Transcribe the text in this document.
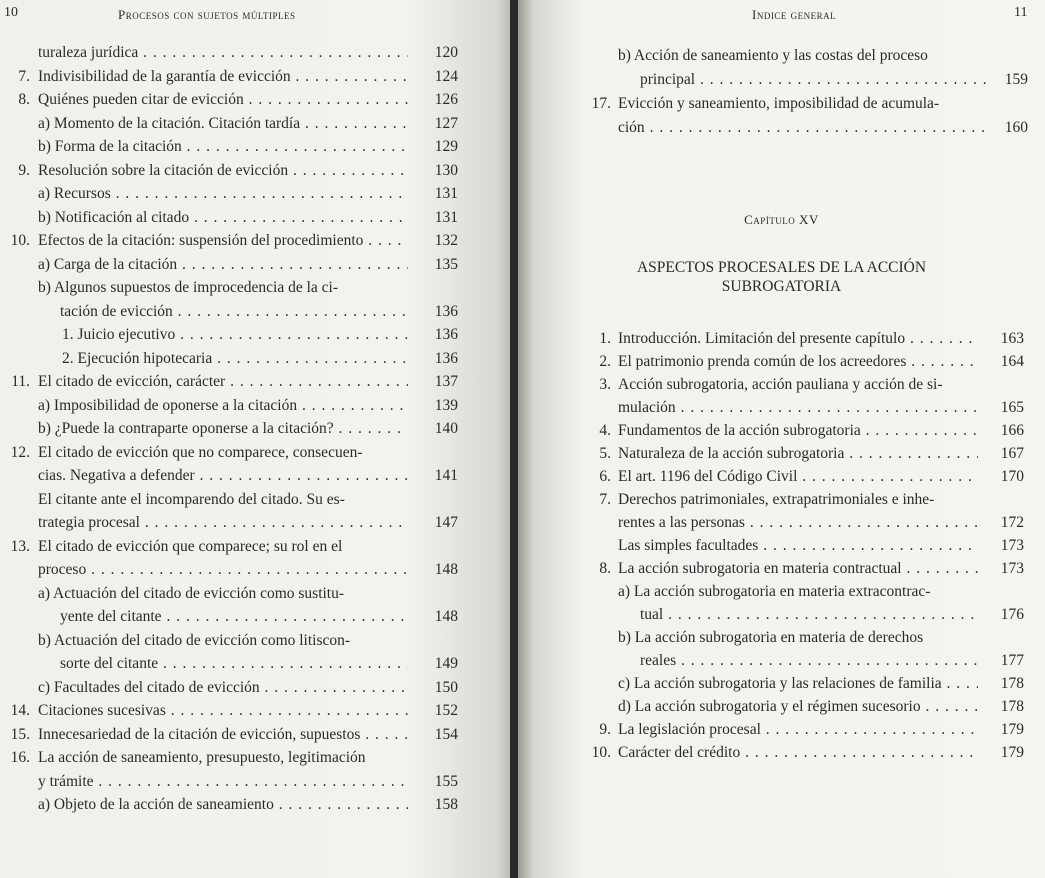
10	Procesos con sujetos múltiples
turaleza jurídica . . .	120
7. Indivisibilidad de la garantía de evicción . . .	124
8. Quiénes pueden citar de evicción . . .	126
a) Momento de la citación. Citación tardía . . .	127
b) Forma de la citación . . .	129
9. Resolución sobre la citación de evicción . . .	130
a) Recursos . . .	131
b) Notificación al citado . . .	131
10. Efectos de la citación: suspensión del procedimiento . . .	132
a) Carga de la citación . . .	135
b) Algunos supuestos de improcedencia de la ci-
tación de evicción . . .	136
1. Juicio ejecutivo . . .	136
2. Ejecución hipotecaria . . .	136
11. El citado de evicción, carácter . . .	137
a) Imposibilidad de oponerse a la citación . . .	139
b) ¿Puede la contraparte oponerse a la citación? . . .	140
12. El citado de evicción que no comparece, consecuen-
cias. Negativa a defender . . .	141
El citante ante el incomparendo del citado. Su es-
trategia procesal . . .	147
13. El citado de evicción que comparece; su rol en el
proceso . . .	148
a) Actuación del citado de evicción como sustitu-
yente del citante . . .	148
b) Actuación del citado de evicción como litiscon-
sorte del citante . . .	149
c) Facultades del citado de evicción . . .	150
14. Citaciones sucesivas . . .	152
15. Innecesariedad de la citación de evicción, supuestos . . .	154
16. La acción de saneamiento, presupuesto, legitimación
y trámite . . .	155
a) Objeto de la acción de saneamiento . . .	158
Indice general	11
b) Acción de saneamiento y las costas del proceso
principal . . .	159
17. Evicción y saneamiento, imposibilidad de acumula-
ción . . .	160
Capítulo XV
ASPECTOS PROCESALES DE LA ACCIÓN
SUBROGATORIA
1. Introducción. Limitación del presente capítulo . . .	163
2. El patrimonio prenda común de los acreedores . . .	164
3. Acción subrogatoria, acción pauliana y acción de si-
mulación . . .	165
4. Fundamentos de la acción subrogatoria . . .	166
5. Naturaleza de la acción subrogatoria . . .	167
6. El art. 1196 del Código Civil . . .	170
7. Derechos patrimoniales, extrapatrimoniales e inhe-
rentes a las personas . . .	172
Las simples facultades . . .	173
8. La acción subrogatoria en materia contractual . . .	173
a) La acción subrogatoria en materia extracontrac-
tual . . .	176
b) La acción subrogatoria en materia de derechos
reales . . .	177
c) La acción subrogatoria y las relaciones de familia . . .	178
d) La acción subrogatoria y el régimen sucesorio . . .	178
9. La legislación procesal . . .	179
10. Carácter del crédito . . .	179
